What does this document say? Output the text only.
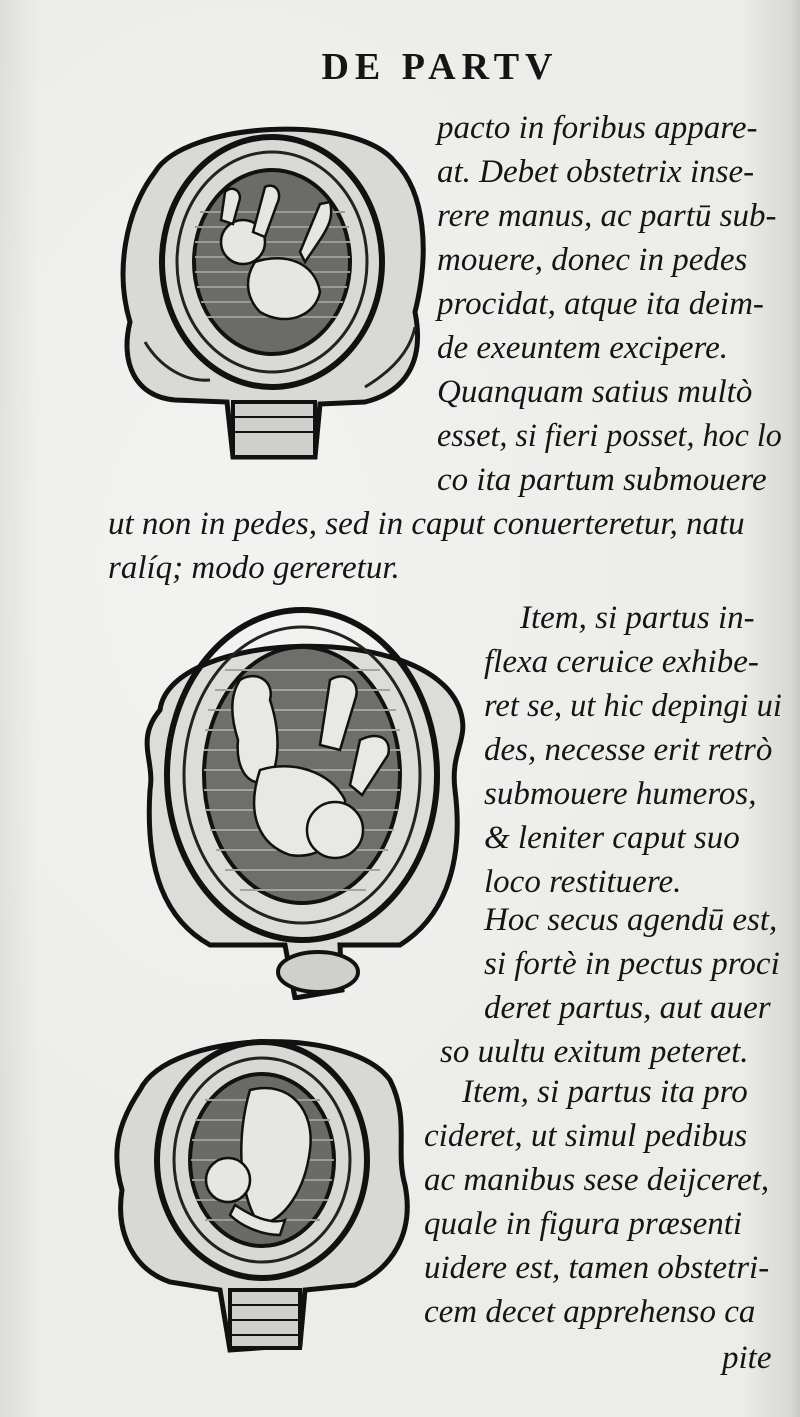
DE PARTV
pacto in foribus appare-
at. Debet obstetrix inse-
rere manus, ac partū sub-
mouere, donec in pedes
procidat, atque ita deim-
de exeuntem excipere.
Quanquam satius multò
esset, si fieri posset, hoc lo
co ita partum submouere
ut non in pedes, sed in caput conuerteretur, natu
ralíq; modo gereretur.
Item, si partus in-
flexa ceruice exhibe-
ret se, ut hic depingi ui
des, necesse erit retrò
submouere humeros,
& leniter caput suo
loco restituere.
Hoc secus agendū est,
si fortè in pectus proci
deret partus, aut auer
so uultu exitum peteret.
Item, si partus ita pro
cideret, ut simul pedibus
ac manibus sese deijceret,
quale in figura præsenti
uidere est, tamen obstetri-
cem decet apprehenso ca
pite
